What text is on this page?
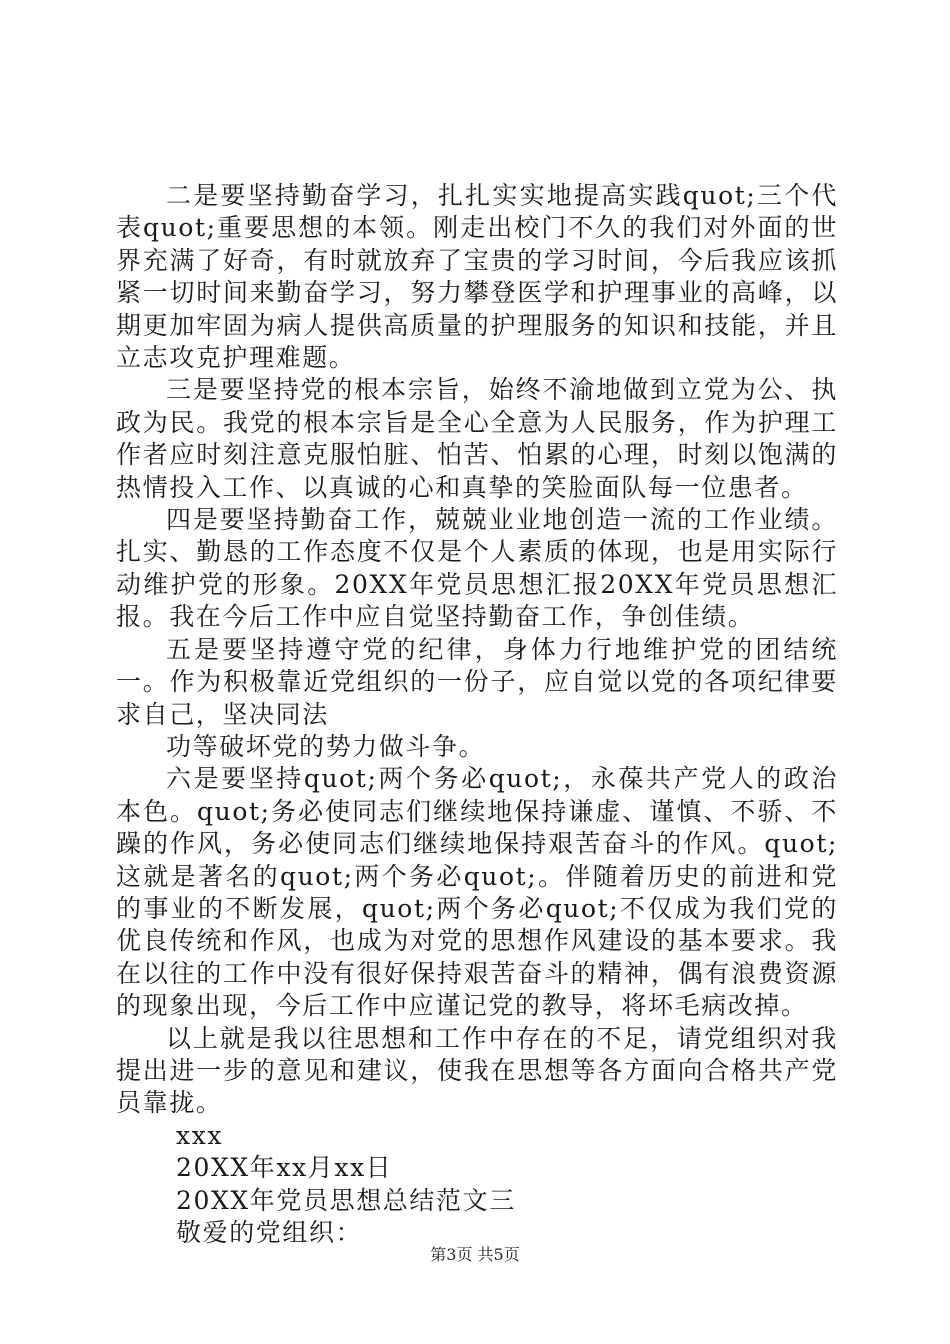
二是要坚持勤奋学习，扎扎实实地提高实践quot;三个代表quot;重要思想的本领。刚走出校门不久的我们对外面的世界充满了好奇，有时就放弃了宝贵的学习时间，今后我应该抓紧一切时间来勤奋学习，努力攀登医学和护理事业的高峰，以期更加牢固为病人提供高质量的护理服务的知识和技能，并且立志攻克护理难题。

三是要坚持党的根本宗旨，始终不渝地做到立党为公、执政为民。我党的根本宗旨是全心全意为人民服务，作为护理工作者应时刻注意克服怕脏、怕苦、怕累的心理，时刻以饱满的热情投入工作、以真诚的心和真挚的笑脸面队每一位患者。

四是要坚持勤奋工作，兢兢业业地创造一流的工作业绩。扎实、勤恳的工作态度不仅是个人素质的体现，也是用实际行动维护党的形象。20XX年党员思想汇报20XX年党员思想汇报。我在今后工作中应自觉坚持勤奋工作，争创佳绩。

五是要坚持遵守党的纪律，身体力行地维护党的团结统一。作为积极靠近党组织的一份子，应自觉以党的各项纪律要求自己，坚决同法

功等破坏党的势力做斗争。

六是要坚持quot;两个务必quot;，永葆共产党人的政治本色。quot;务必使同志们继续地保持谦虚、谨慎、不骄、不躁的作风，务必使同志们继续地保持艰苦奋斗的作风。quot;这就是著名的quot;两个务必quot;。伴随着历史的前进和党的事业的不断发展，quot;两个务必quot;不仅成为我们党的优良传统和作风，也成为对党的思想作风建设的基本要求。我在以往的工作中没有很好保持艰苦奋斗的精神，偶有浪费资源的现象出现，今后工作中应谨记党的教导，将坏毛病改掉。

以上就是我以往思想和工作中存在的不足，请党组织对我提出进一步的意见和建议，使我在思想等各方面向合格共产党员靠拢。

xxx
20XX年xx月xx日
20XX年党员思想总结范文三
敬爱的党组织：
第3页 共5页
